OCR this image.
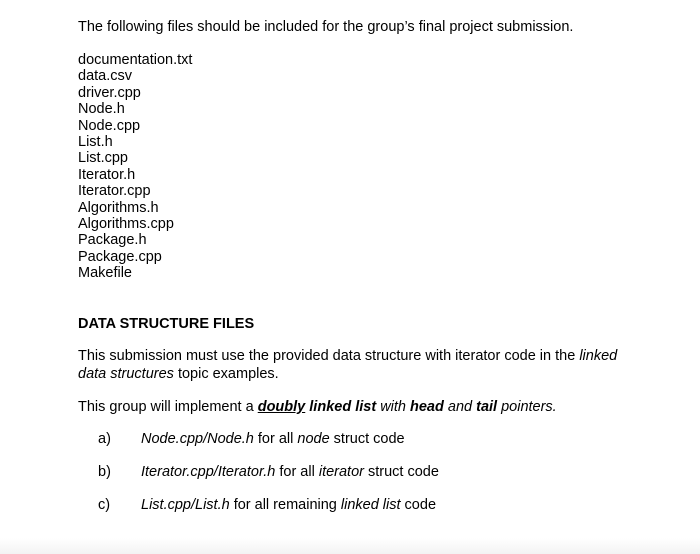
The following files should be included for the group’s final project submission.

documentation.txt
data.csv
driver.cpp
Node.h
Node.cpp
List.h
List.cpp
Iterator.h
Iterator.cpp
Algorithms.h
Algorithms.cpp
Package.h
Package.cpp
Makefile

DATA STRUCTURE FILES

This submission must use the provided data structure with iterator code in the linked data structures topic examples.

This group will implement a doubly linked list with head and tail pointers.

a) Node.cpp/Node.h for all node struct code
b) Iterator.cpp/Iterator.h for all iterator struct code
c) List.cpp/List.h for all remaining linked list code
